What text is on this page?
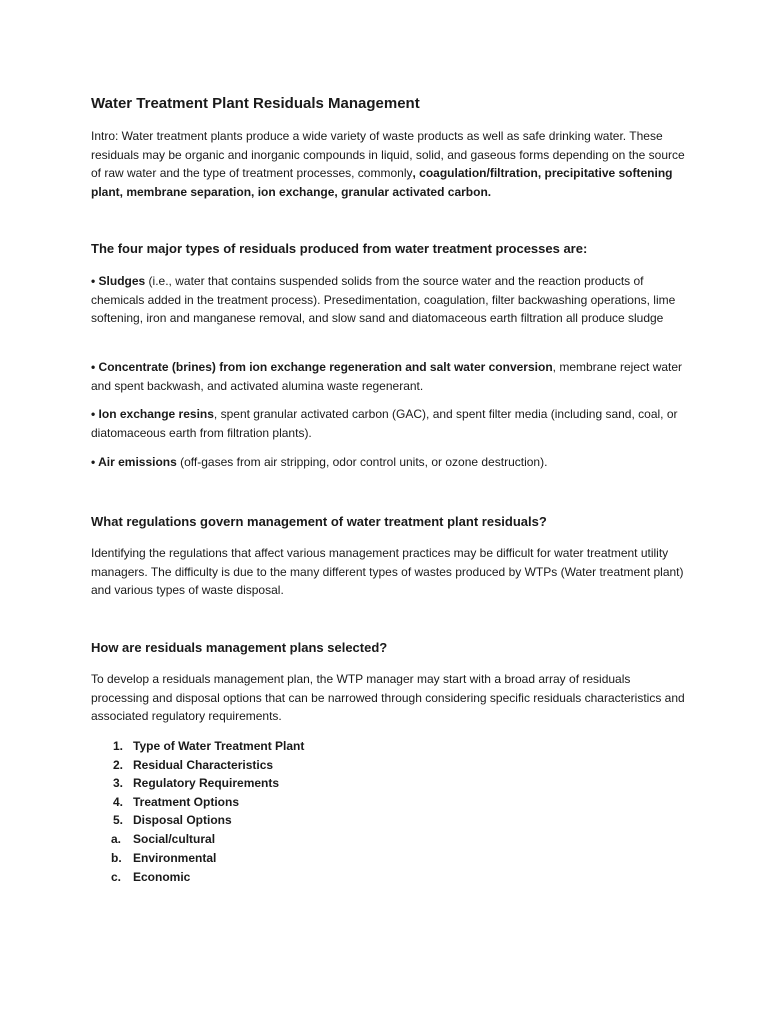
Water Treatment Plant Residuals Management

Intro: Water treatment plants produce a wide variety of waste products as well as safe drinking water. These residuals may be organic and inorganic compounds in liquid, solid, and gaseous forms depending on the source of raw water and the type of treatment processes, commonly, coagulation/filtration, precipitative softening plant, membrane separation, ion exchange, granular activated carbon.

The four major types of residuals produced from water treatment processes are:

• Sludges (i.e., water that contains suspended solids from the source water and the reaction products of chemicals added in the treatment process). Presedimentation, coagulation, filter backwashing operations, lime softening, iron and manganese removal, and slow sand and diatomaceous earth filtration all produce sludge

• Concentrate (brines) from ion exchange regeneration and salt water conversion, membrane reject water and spent backwash, and activated alumina waste regenerant.

• Ion exchange resins, spent granular activated carbon (GAC), and spent filter media (including sand, coal, or diatomaceous earth from filtration plants).

• Air emissions (off-gases from air stripping, odor control units, or ozone destruction).

What regulations govern management of water treatment plant residuals?

Identifying the regulations that affect various management practices may be difficult for water treatment utility managers. The difficulty is due to the many different types of wastes produced by WTPs (Water treatment plant) and various types of waste disposal.

How are residuals management plans selected?

To develop a residuals management plan, the WTP manager may start with a broad array of residuals processing and disposal options that can be narrowed through considering specific residuals characteristics and associated regulatory requirements.

1. Type of Water Treatment Plant
2. Residual Characteristics
3. Regulatory Requirements
4. Treatment Options
5. Disposal Options
a. Social/cultural
b. Environmental
c. Economic
